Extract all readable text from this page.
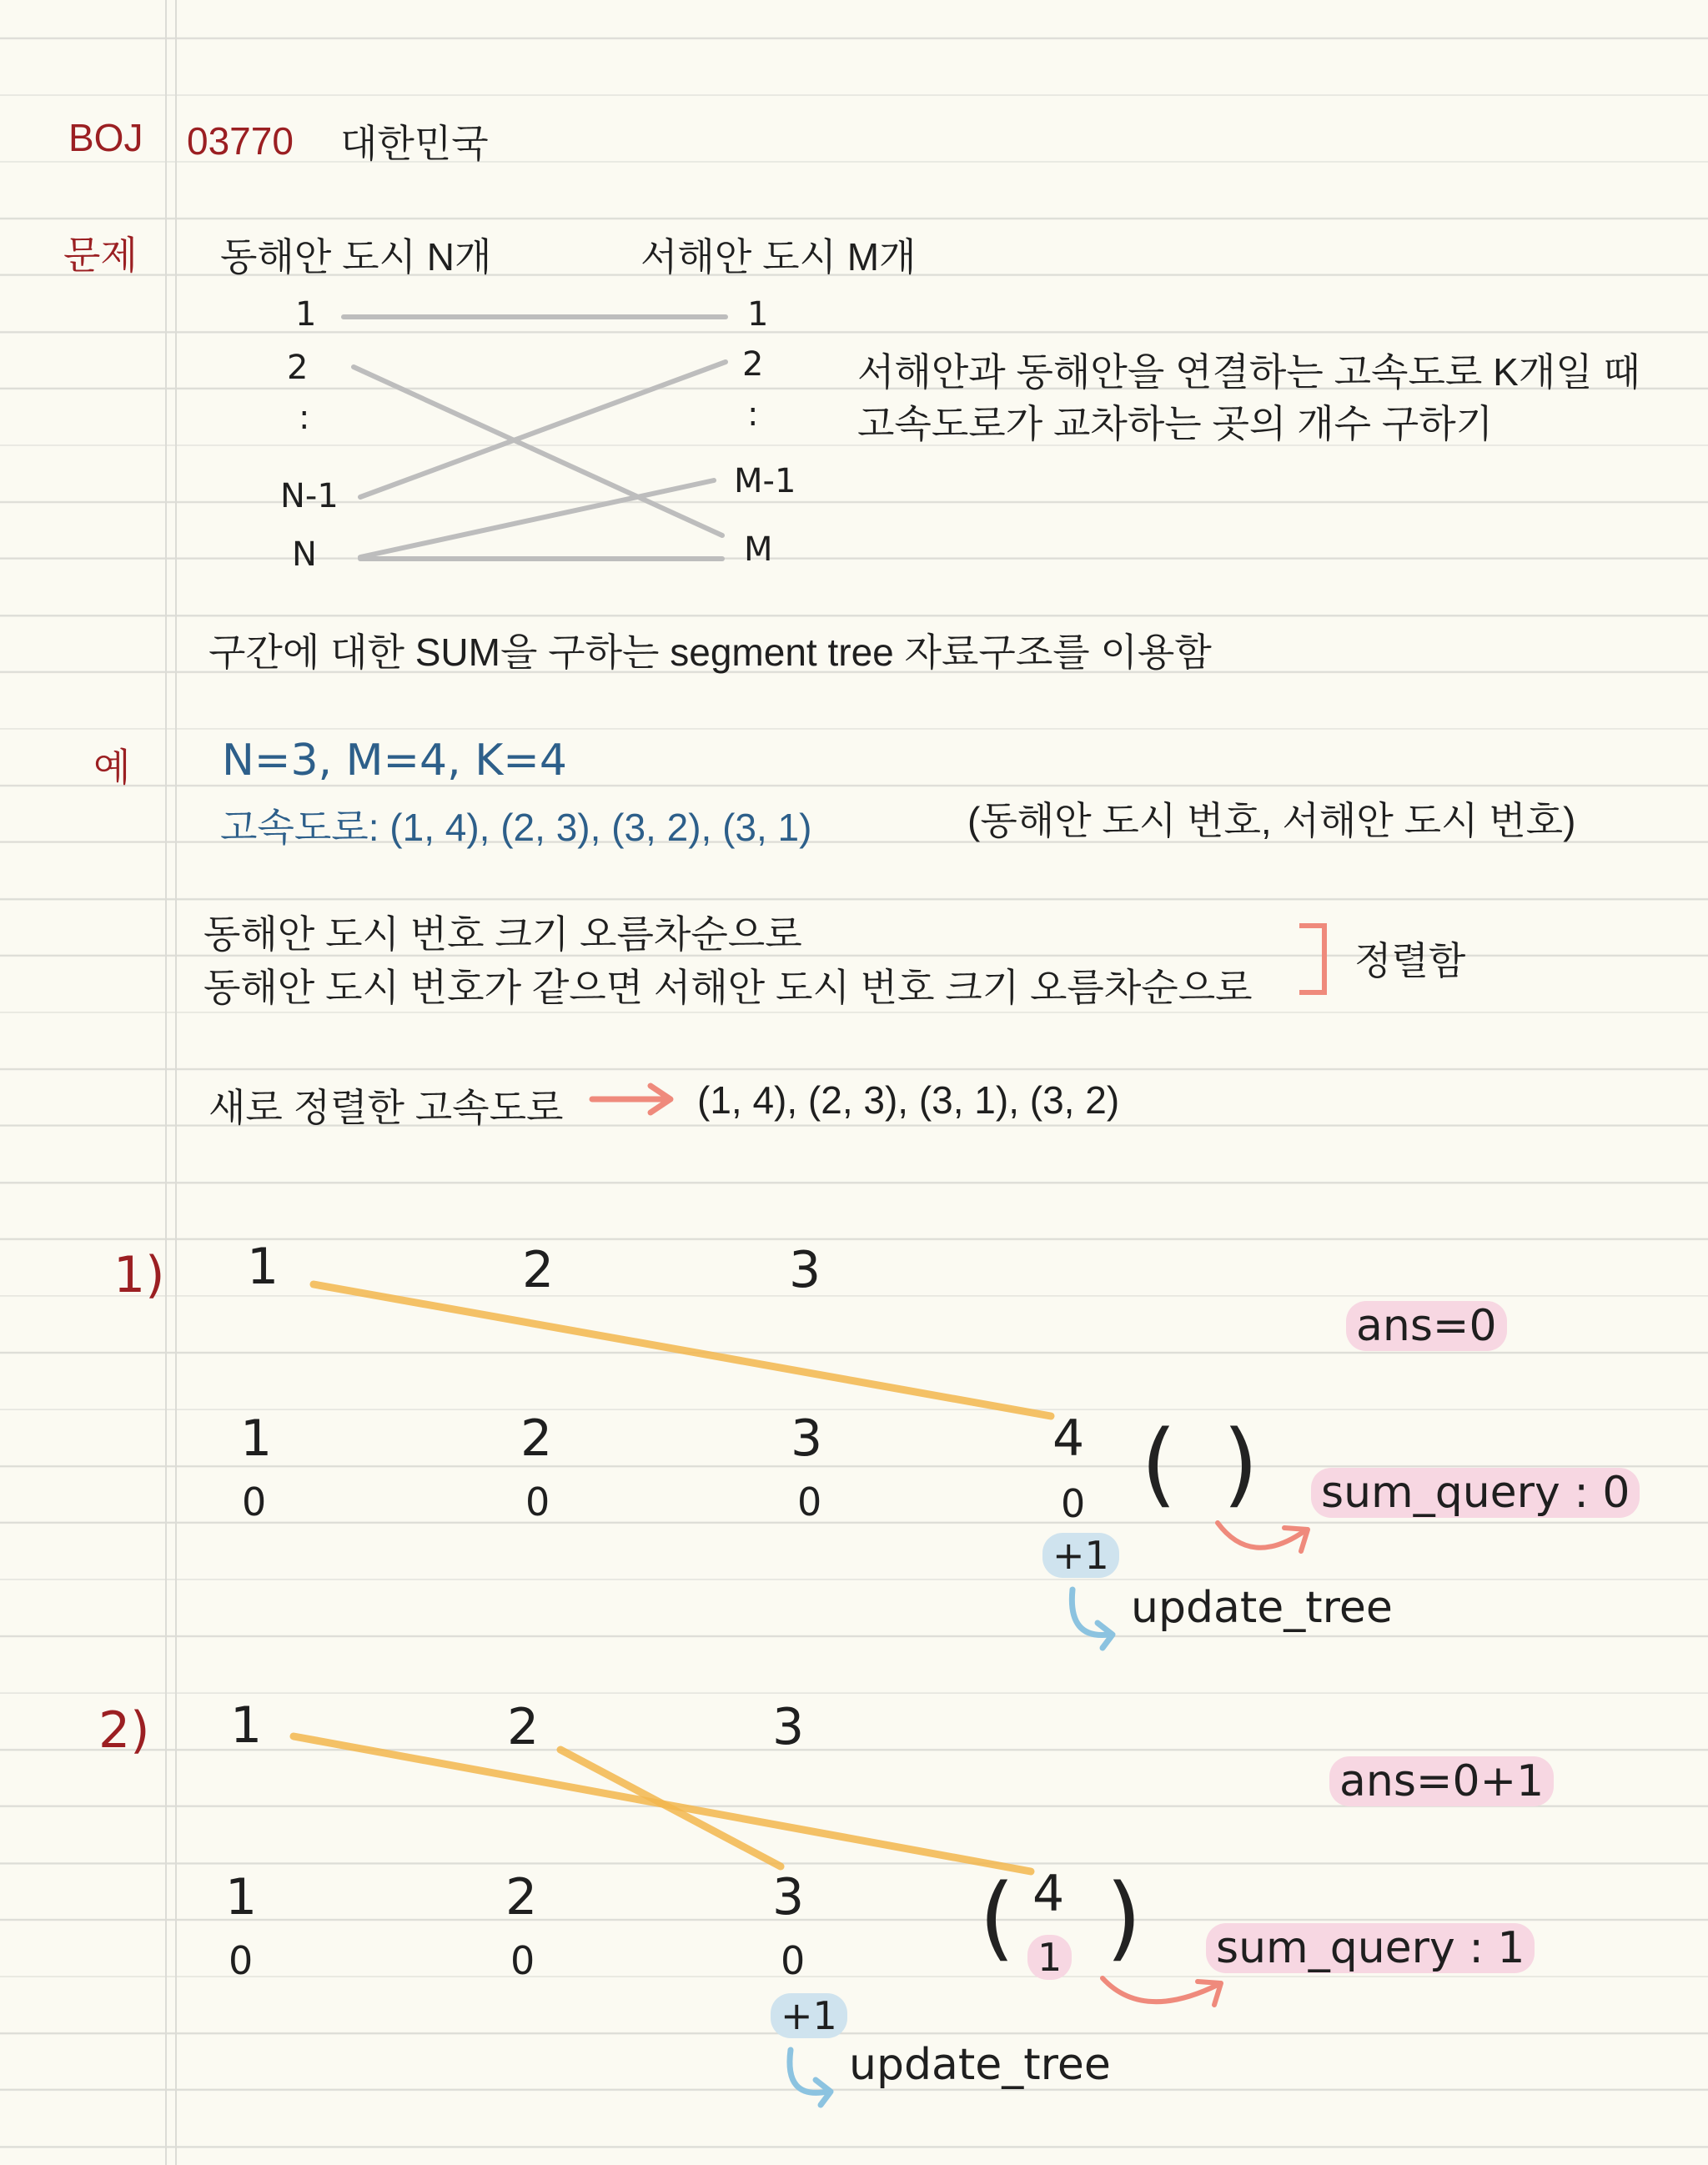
BOJ 03770 대한민국
문제 동해안 도시 N개	서해안 도시 M개
1
2
:
N-1
N
1
2
:
M-1
M
서해안과 동해안을 연결하는 고속도로 K개일 때
고속도로가 교차하는 곳의 개수 구하기
구간에 대한 SUM을 구하는 segment tree 자료구조를 이용함
예 N=3, M=4, K=4
고속도로: (1, 4), (2, 3), (3, 2), (3, 1)	(동해안 도시 번호, 서해안 도시 번호)
동해안 도시 번호 크기 오름차순으로
동해안 도시 번호가 같으면 서해안 도시 번호 크기 오름차순으로
정렬함
새로 정렬한 고속도로	(1, 4), (2, 3), (3, 1), (3, 2)
1) 1	2	3
ans=0
1	2	3	4
0	0	0	0 ( )
+1
update_tree
sum_query : 0
2) 1	2	3
ans=0+1
1	2	3	4
0	0	0	1
( )
+1
update_tree
sum_query : 1
